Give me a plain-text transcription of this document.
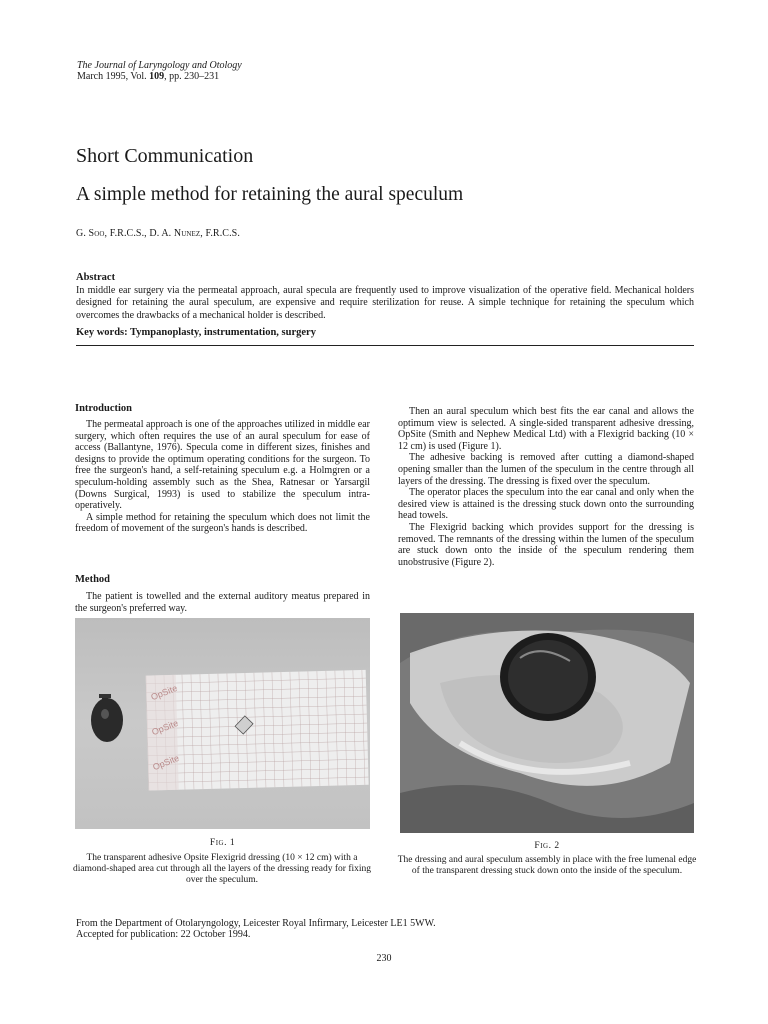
The Journal of Laryngology and Otology
March 1995, Vol. 109, pp. 230–231
Short Communication
A simple method for retaining the aural speculum
G. Soo, F.R.C.S., D. A. Nunez, F.R.C.S.
Abstract
In middle ear surgery via the permeatal approach, aural specula are frequently used to improve visualization of the operative field. Mechanical holders designed for retaining the aural speculum, are expensive and require sterilization for reuse. A simple technique for retaining the speculum which overcomes the drawbacks of a mechanical holder is described.
Key words: Tympanoplasty, instrumentation, surgery
Introduction

The permeatal approach is one of the approaches utilized in middle ear surgery, which often requires the use of an aural speculum for ease of access (Ballantyne, 1976). Specula come in different sizes, finishes and designs to provide the optimum operating conditions for the surgeon. To free the surgeon's hand, a self-retaining speculum e.g. a Holmgren or a speculum-holding assembly such as the Shea, Ratnesar or Yarsargil (Downs Surgical, 1993) is used to stabilize the speculum intra-operatively.

A simple method for retaining the speculum which does not limit the freedom of movement of the surgeon's hands is described.

Method

The patient is towelled and the external auditory meatus prepared in the surgeon's preferred way.

Then an aural speculum which best fits the ear canal and allows the optimum view is selected. A single-sided transparent adhesive dressing, OpSite (Smith and Nephew Medical Ltd) with a Flexigrid backing (10 × 12 cm) is used (Figure 1).

The adhesive backing is removed after cutting a diamond-shaped opening smaller than the lumen of the speculum in the centre through all layers of the dressing. The dressing is fixed over the speculum.

The operator places the speculum into the ear canal and only when the desired view is attained is the dressing stuck down onto the surrounding head towels.

The Flexigrid backing which provides support for the dressing is removed. The remnants of the dressing within the lumen of the speculum are stuck down onto the inside of the speculum rendering them unobstrusive (Figure 2).

OpSite
OpSite
OpSite
Fig. 1
The transparent adhesive Opsite Flexigrid dressing (10 × 12 cm) with a diamond-shaped area cut through all the layers of the dressing ready for fixing over the speculum.
Fig. 2
The dressing and aural speculum assembly in place with the free lumenal edge of the transparent dressing stuck down onto the inside of the speculum.
From the Department of Otolaryngology, Leicester Royal Infirmary, Leicester LE1 5WW.
Accepted for publication: 22 October 1994.
230
